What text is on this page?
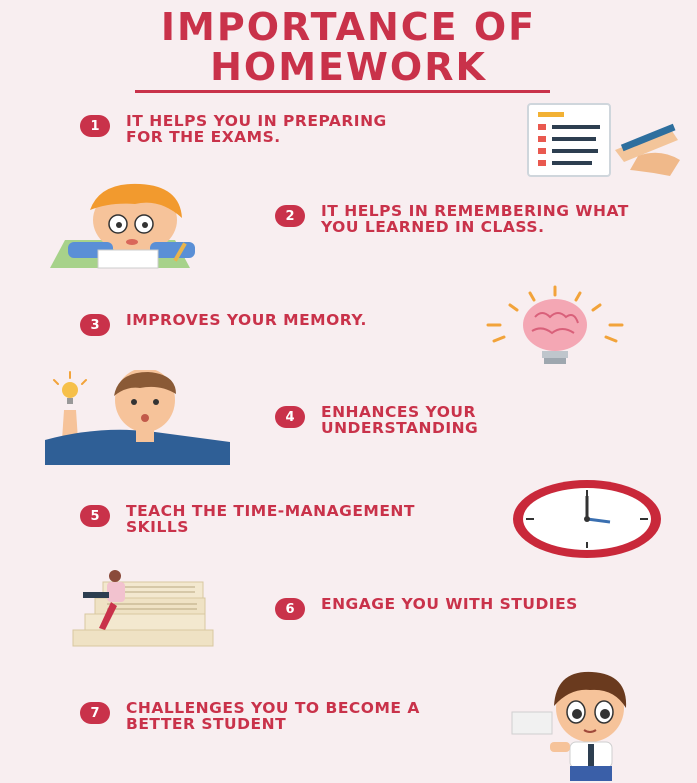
IMPORTANCE OF
HOMEWORK
1	IT HELPS YOU IN PREPARING FOR THE EXAMS.
2	IT HELPS IN REMEMBERING WHAT YOU LEARNED IN CLASS.
3	IMPROVES YOUR MEMORY.
4	ENHANCES YOUR UNDERSTANDING
5	TEACH THE TIME-MANAGEMENT SKILLS
6	ENGAGE YOU WITH STUDIES
7	CHALLENGES YOU TO BECOME A BETTER STUDENT
